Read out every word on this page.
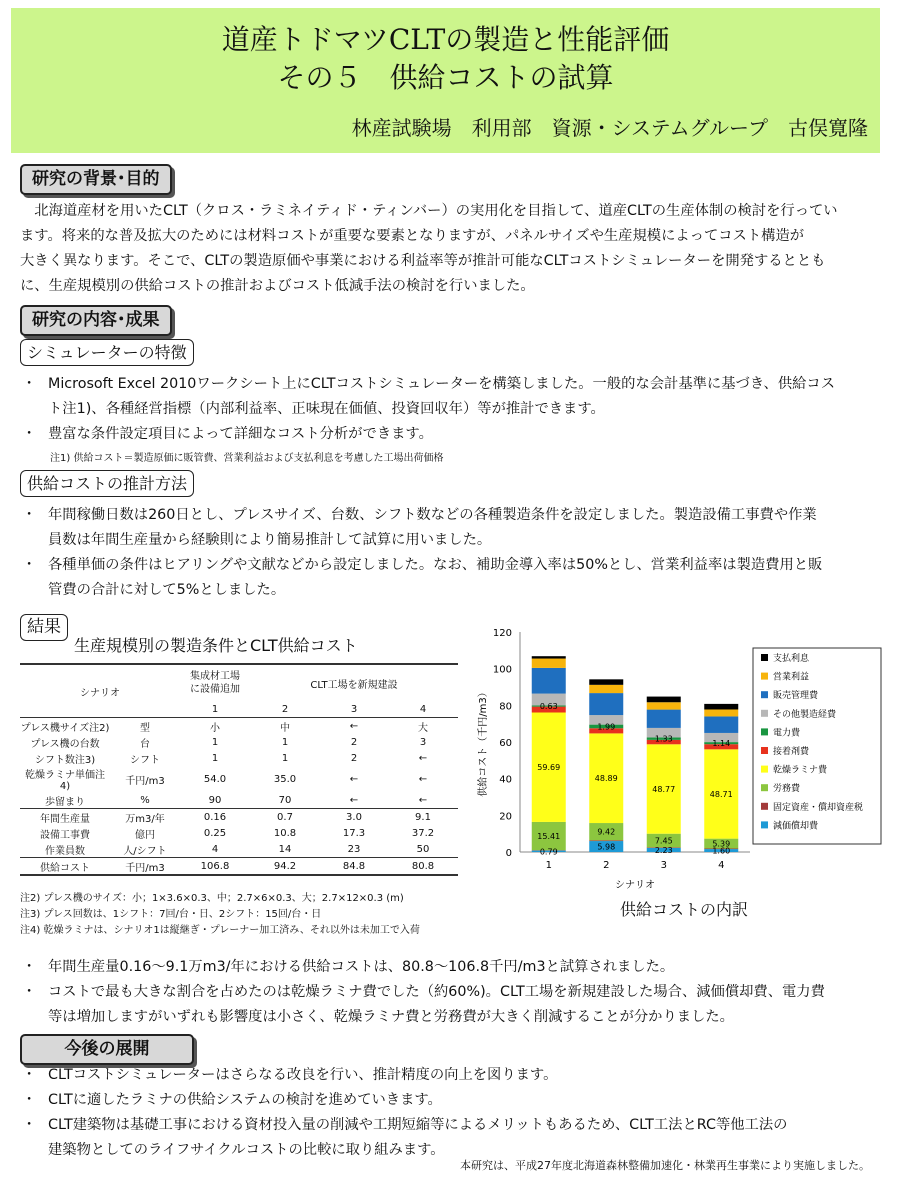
道産トドマツCLTの製造と性能評価
その５　供給コストの試算
林産試験場　利用部　資源・システムグループ　古俣寛隆
研究の背景･目的
　北海道産材を用いたCLT（クロス・ラミネイティド・ティンバー）の実用化を目指して、道産CLTの生産体制の検討を行ってい
ます。将来的な普及拡大のためには材料コストが重要な要素となりますが、パネルサイズや生産規模によってコスト構造が
大きく異なります。そこで、CLTの製造原価や事業における利益率等が推計可能なCLTコストシミュレーターを開発するととも
に、生産規模別の供給コストの推計およびコスト低減手法の検討を行いました。
研究の内容･成果
シミュレーターの特徴
・ Microsoft Excel 2010ワークシート上にCLTコストシミュレーターを構築しました。一般的な会計基準に基づき、供給コス
ト注1)、各種経営指標（内部利益率、正味現在価値、投資回収年）等が推計できます。
・ 豊富な条件設定項目によって詳細なコスト分析ができます。
注1) 供給コスト＝製造原価に販管費、営業利益および支払利息を考慮した工場出荷価格
供給コストの推計方法
・ 年間稼働日数は260日とし、プレスサイズ、台数、シフト数などの各種製造条件を設定しました。製造設備工事費や作業
員数は年間生産量から経験則により簡易推計して試算に用いました。
・ 各種単価の条件はヒアリングや文献などから設定しました。なお、補助金導入率は50%とし、営業利益率は製造費用と販
管費の合計に対して5%としました。
結果
生産規模別の製造条件とCLT供給コスト
シナリオ		集成材工場
に設備追加	CLT工場を新規建設		
		1	2	3	4
プレス機サイズ注2)	型	小	中	←	大
プレス機の台数	台	1	1	2	3
シフト数注3)	シフト	1	1	2	←
乾燥ラミナ単価注4)	千円/m3	54.0	35.0	←	←
歩留まり	%	90	70	←	←
年間生産量	万m3/年	0.16	0.7	3.0	9.1
設備工事費	億円	0.25	10.8	17.3	37.2
作業員数	人/シフト	4	14	23	50
供給コスト	千円/m3	106.8	94.2	84.8	80.8
注2) プレス機のサイズ：小；1×3.6×0.3、中；2.7×6×0.3、大；2.7×12×0.3 (m)
注3) プレス回数は、1シフト：7回/台・日、2シフト：15回/台・日
注4) 乾燥ラミナは、シナリオ1は縦継ぎ・プレーナー加工済み、それ以外は未加工で入荷
0
20
40
60
80
100
120
供給コスト（千円/m3）
シナリオ
1	2	3	4
0.79
5.98	2.23	1.60
15.41	9.42
7.45	5.39
59.69
48.89
48.77
48.71
0.63
1.99
1.33	1.14
支払利息
営業利益
販売管理費
その他製造経費
電力費
接着剤費
乾燥ラミナ費
労務費
固定資産・償却資産税
減価償却費
供給コストの内訳
・ 年間生産量0.16〜9.1万m3/年における供給コストは、80.8〜106.8千円/m3と試算されました。
・ コストで最も大きな割合を占めたのは乾燥ラミナ費でした（約60%)。CLT工場を新規建設した場合、減価償却費、電力費
等は増加しますがいずれも影響度は小さく、乾燥ラミナ費と労務費が大きく削減することが分かりました。
今後の展開
・ CLTコストシミュレーターはさらなる改良を行い、推計精度の向上を図ります。
・ CLTに適したラミナの供給システムの検討を進めていきます。
・ CLT建築物は基礎工事における資材投入量の削減や工期短縮等によるメリットもあるため、CLT工法とRC等他工法の
建築物としてのライフサイクルコストの比較に取り組みます。
本研究は、平成27年度北海道森林整備加速化・林業再生事業により実施しました。
